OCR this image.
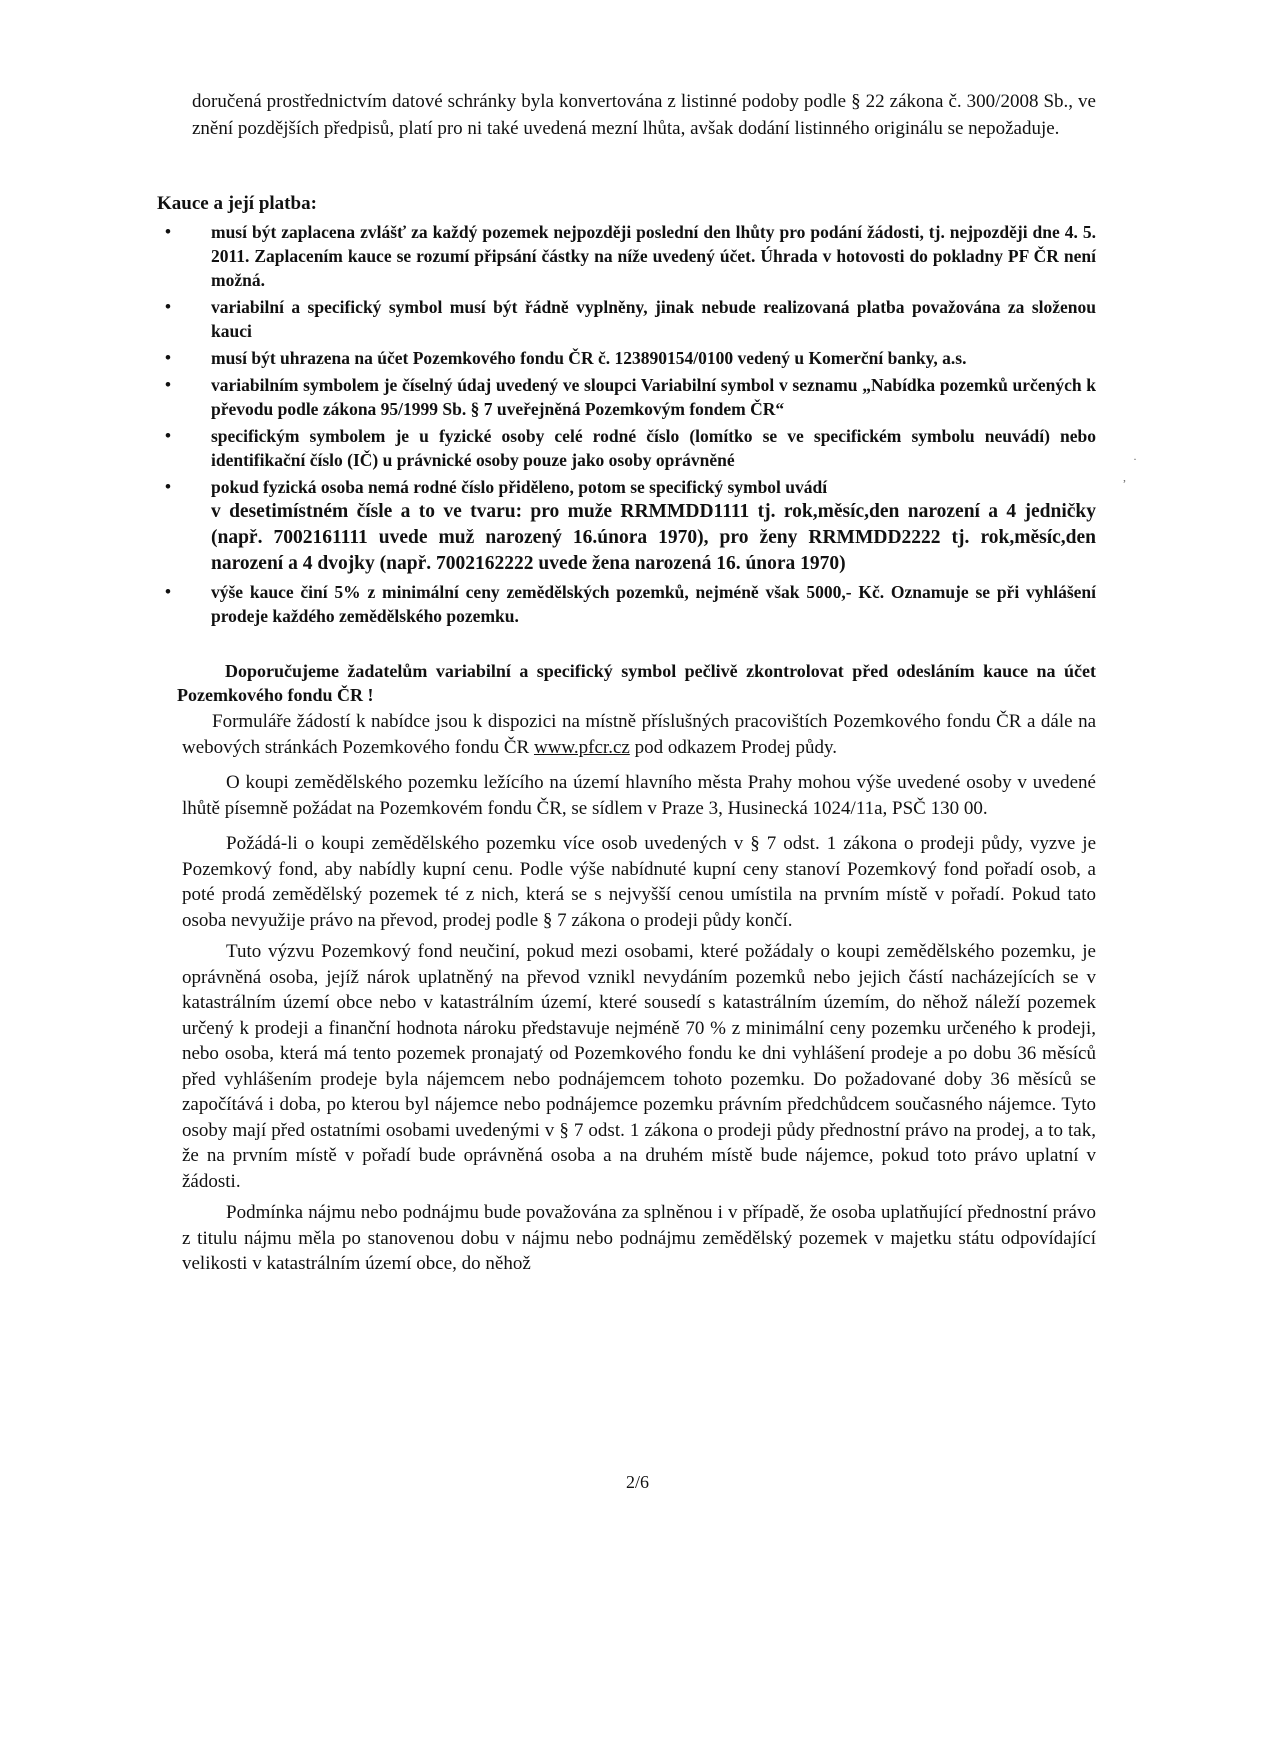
doručená prostřednictvím datové schránky byla konvertována z listinné podoby podle § 22 zákona č. 300/2008 Sb., ve znění pozdějších předpisů, platí pro ni také uvedená mezní lhůta, avšak dodání listinného originálu se nepožaduje.

Kauce a její platba:

• musí být zaplacena zvlášť za každý pozemek nejpozději poslední den lhůty pro podání žádosti, tj. nejpozději dne 4. 5. 2011. Zaplacením kauce se rozumí připsání částky na níže uvedený účet. Úhrada v hotovosti do pokladny PF ČR není možná.
• variabilní a specifický symbol musí být řádně vyplněny, jinak nebude realizovaná platba považována za složenou kauci
• musí být uhrazena na účet Pozemkového fondu ČR č. 123890154/0100 vedený u Komerční banky, a.s.
• variabilním symbolem je číselný údaj uvedený ve sloupci Variabilní symbol v seznamu „Nabídka pozemků určených k převodu podle zákona 95/1999 Sb. § 7 uveřejněná Pozemkovým fondem ČR“
• specifickým symbolem je u fyzické osoby celé rodné číslo (lomítko se ve specifickém symbolu neuvádí) nebo identifikační číslo (IČ) u právnické osoby pouze jako osoby oprávněné
• pokud fyzická osoba nemá rodné číslo přiděleno, potom se specifický symbol uvádí
v desetimístném čísle a to ve tvaru: pro muže RRMMDD1111 tj. rok,měsíc,den narození a 4 jedničky (např. 7002161111 uvede muž narozený 16.února 1970), pro ženy RRMMDD2222 tj. rok,měsíc,den narození a 4 dvojky (např. 7002162222 uvede žena narozená 16. února 1970)
• výše kauce činí 5% z minimální ceny zemědělských pozemků, nejméně však 5000,- Kč. Oznamuje se při vyhlášení prodeje každého zemědělského pozemku.

Doporučujeme žadatelům variabilní a specifický symbol pečlivě zkontrolovat před odesláním kauce na účet Pozemkového fondu ČR !

Formuláře žádostí k nabídce jsou k dispozici na místně příslušných pracovištích Pozemkového fondu ČR a dále na webových stránkách Pozemkového fondu ČR www.pfcr.cz pod odkazem Prodej půdy.

O koupi zemědělského pozemku ležícího na území hlavního města Prahy mohou výše uvedené osoby v uvedené lhůtě písemně požádat na Pozemkovém fondu ČR, se sídlem v Praze 3, Husinecká 1024/11a, PSČ 130 00.

Požádá-li o koupi zemědělského pozemku více osob uvedených v § 7 odst. 1 zákona o prodeji půdy, vyzve je Pozemkový fond, aby nabídly kupní cenu. Podle výše nabídnuté kupní ceny stanoví Pozemkový fond pořadí osob, a poté prodá zemědělský pozemek té z nich, která se s nejvyšší cenou umístila na prvním místě v pořadí. Pokud tato osoba nevyužije právo na převod, prodej podle § 7 zákona o prodeji půdy končí.

Tuto výzvu Pozemkový fond neučiní, pokud mezi osobami, které požádaly o koupi zemědělského pozemku, je oprávněná osoba, jejíž nárok uplatněný na převod vznikl nevydáním pozemků nebo jejich částí nacházejících se v katastrálním území obce nebo v katastrálním území, které sousedí s katastrálním územím, do něhož náleží pozemek určený k prodeji a finanční hodnota nároku představuje nejméně 70 % z minimální ceny pozemku určeného k prodeji, nebo osoba, která má tento pozemek pronajatý od Pozemkového fondu ke dni vyhlášení prodeje a po dobu 36 měsíců před vyhlášením prodeje byla nájemcem nebo podnájemcem tohoto pozemku. Do požadované doby 36 měsíců se započítává i doba, po kterou byl nájemce nebo podnájemce pozemku právním předchůdcem současného nájemce. Tyto osoby mají před ostatními osobami uvedenými v § 7 odst. 1 zákona o prodeji půdy přednostní právo na prodej, a to tak, že na prvním místě v pořadí bude oprávněná osoba a na druhém místě bude nájemce, pokud toto právo uplatní v žádosti.

Podmínka nájmu nebo podnájmu bude považována za splněnou i v případě, že osoba uplatňující přednostní právo z titulu nájmu měla po stanovenou dobu v nájmu nebo podnájmu zemědělský pozemek v majetku státu odpovídající velikosti v katastrálním území obce, do něhož

·
,
2/6
